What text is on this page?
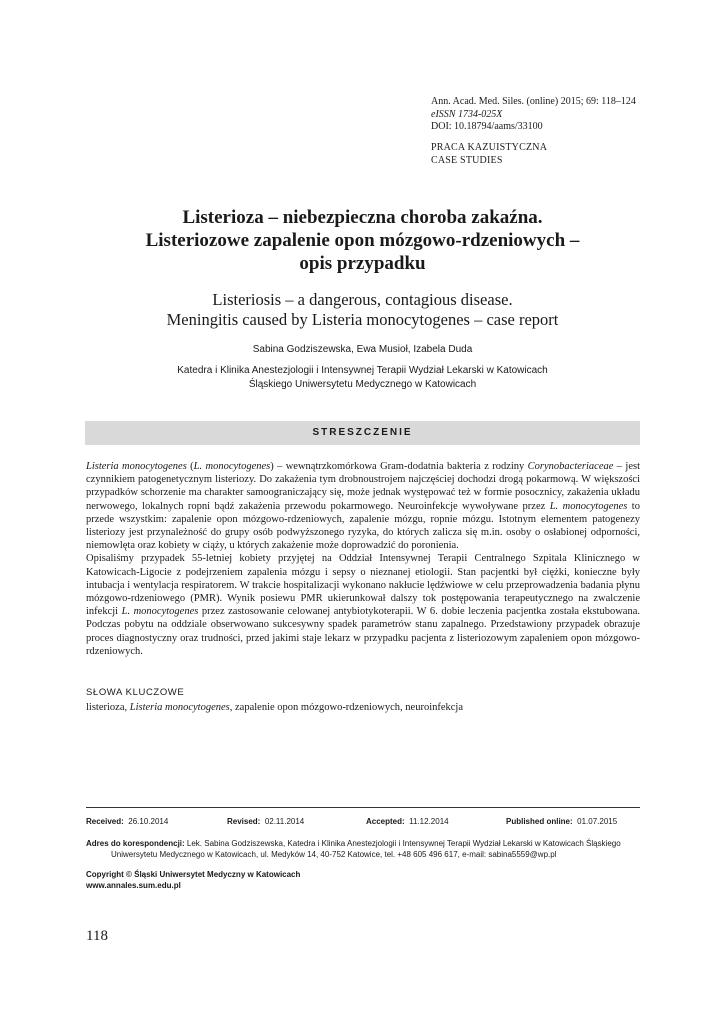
Ann. Acad. Med. Siles. (online) 2015; 69: 118–124
eISSN 1734-025X
DOI: 10.18794/aams/33100
PRACA KAZUISTYCZNA
CASE STUDIES
Listerioza – niebezpieczna choroba zakaźna.
Listeriozowe zapalenie opon mózgowo-rdzeniowych –
opis przypadku
Listeriosis – a dangerous, contagious disease.
Meningitis caused by Listeria monocytogenes – case report
Sabina Godziszewska, Ewa Musioł, Izabela Duda
Katedra i Klinika Anestezjologii i Intensywnej Terapii Wydział Lekarski w Katowicach
Śląskiego Uniwersytetu Medycznego w Katowicach
STRESZCZENIE

Listeria monocytogenes (L. monocytogenes) – wewnątrzkomórkowa Gram-dodatnia bakteria z rodziny Corynobacteriaceae – jest czynnikiem patogenetycznym listeriozy. Do zakażenia tym drobnoustrojem najczęściej dochodzi drogą pokarmową. W większości przypadków schorzenie ma charakter samoograniczający się, może jednak występować też w formie posocznicy, zakażenia układu nerwowego, lokalnych ropni bądź zakażenia przewodu pokarmowego. Neuroinfekcje wywoływane przez L. monocytogenes to przede wszystkim: zapalenie opon mózgowo-rdzeniowych, zapalenie mózgu, ropnie mózgu. Istotnym elementem patogenezy listeriozy jest przynależność do grupy osób podwyższonego ryzyka, do których zalicza się m.in. osoby o osłabionej odporności, niemowlęta oraz kobiety w ciąży, u których zakażenie może doprowadzić do poronienia.

Opisaliśmy przypadek 55-letniej kobiety przyjętej na Oddział Intensywnej Terapii Centralnego Szpitala Klinicznego w Katowicach-Ligocie z podejrzeniem zapalenia mózgu i sepsy o nieznanej etiologii. Stan pacjentki był ciężki, konieczne były intubacja i wentylacja respiratorem. W trakcie hospitalizacji wykonano nakłucie lędźwiowe w celu przeprowadzenia badania płynu mózgowo-rdzeniowego (PMR). Wynik posiewu PMR ukierunkował dalszy tok postępowania terapeutycznego na zwalczenie infekcji L. monocytogenes przez zastosowanie celowanej antybiotykoterapii. W 6. dobie leczenia pacjentka została ekstubowana. Podczas pobytu na oddziale obserwowano sukcesywny spadek parametrów stanu zapalnego. Przedstawiony przypadek obrazuje proces diagnostyczny oraz trudności, przed jakimi staje lekarz w przypadku pacjenta z listeriozowym zapaleniem opon mózgowo-rdzeniowych.

SŁOWA KLUCZOWE
listerioza, Listeria monocytogenes, zapalenie opon mózgowo-rdzeniowych, neuroinfekcja
Received: 26.10.2014	Revised: 02.11.2014	Accepted: 11.12.2014	Published online: 01.07.2015
Adres do korespondencji: Lek. Sabina Godziszewska, Katedra i Klinika Anestezjologii i Intensywnej Terapii Wydział Lekarski w Katowicach Śląskiego
Uniwersytetu Medycznego w Katowicach, ul. Medyków 14, 40-752 Katowice, tel. +48 605 496 617, e-mail: sabina5559@wp.pl
Copyright © Śląski Uniwersytet Medyczny w Katowicach
www.annales.sum.edu.pl
118
